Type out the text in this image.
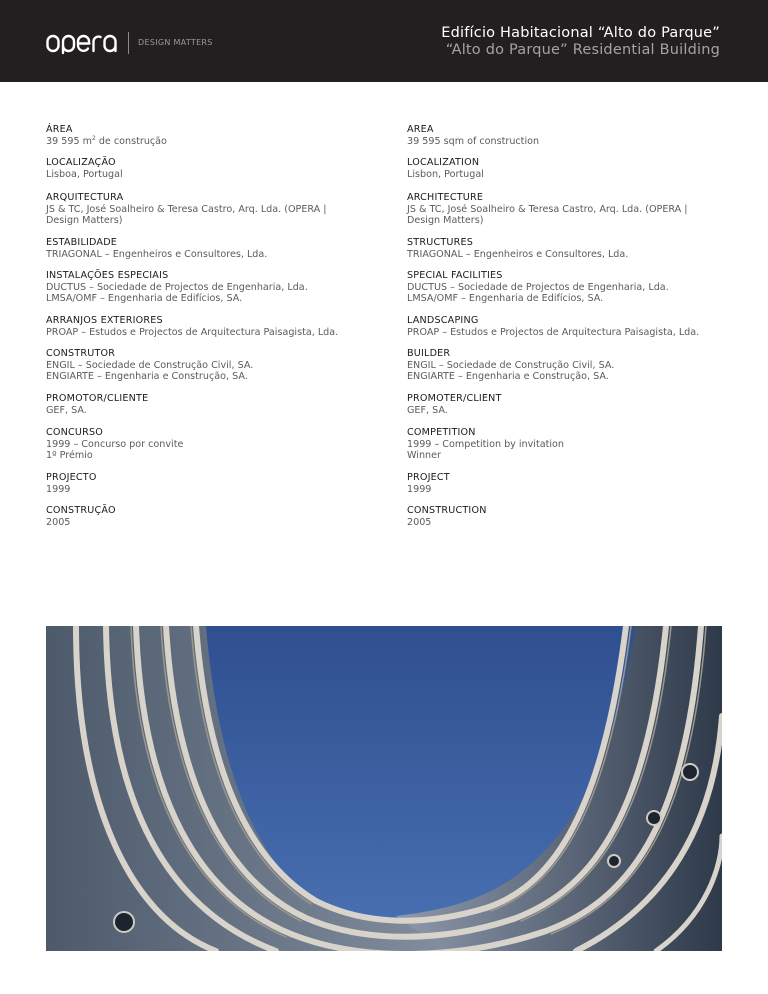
DESIGN MATTERS
Edifício Habitacional “Alto do Parque”
“Alto do Parque” Residential Building
ÁREA
39 595 $m^2$ de construção
LOCALIZAÇÃO
Lisboa, Portugal
ARQUITECTURA
JS & TC, José Soalheiro & Teresa Castro, Arq. Lda. (OPERA |
Design Matters)
ESTABILIDADE
TRIAGONAL – Engenheiros e Consultores, Lda.
INSTALAÇÕES ESPECIAIS
DUCTUS – Sociedade de Projectos de Engenharia, Lda.
LMSA/OMF – Engenharia de Edifícios, SA.
ARRANJOS EXTERIORES
PROAP – Estudos e Projectos de Arquitectura Paisagista, Lda.
CONSTRUTOR
ENGIL – Sociedade de Construção Civil, SA.
ENGIARTE – Engenharia e Construção, SA.
PROMOTOR/CLIENTE
GEF, SA.
CONCURSO
1999 – Concurso por convite
1º Prémio
PROJECTO
1999
CONSTRUÇÃO
2005
AREA
39 595 sqm of construction
LOCALIZATION
Lisbon, Portugal
ARCHITECTURE
JS & TC, José Soalheiro & Teresa Castro, Arq. Lda. (OPERA |
Design Matters)
STRUCTURES
TRIAGONAL – Engenheiros e Consultores, Lda.
SPECIAL FACILITIES
DUCTUS – Sociedade de Projectos de Engenharia, Lda.
LMSA/OMF – Engenharia de Edifícios, SA.
LANDSCAPING
PROAP – Estudos e Projectos de Arquitectura Paisagista, Lda.
BUILDER
ENGIL – Sociedade de Construção Civil, SA.
ENGIARTE – Engenharia e Construção, SA.
PROMOTER/CLIENT
GEF, SA.
COMPETITION
1999 – Competition by invitation
Winner
PROJECT
1999
CONSTRUCTION
2005
